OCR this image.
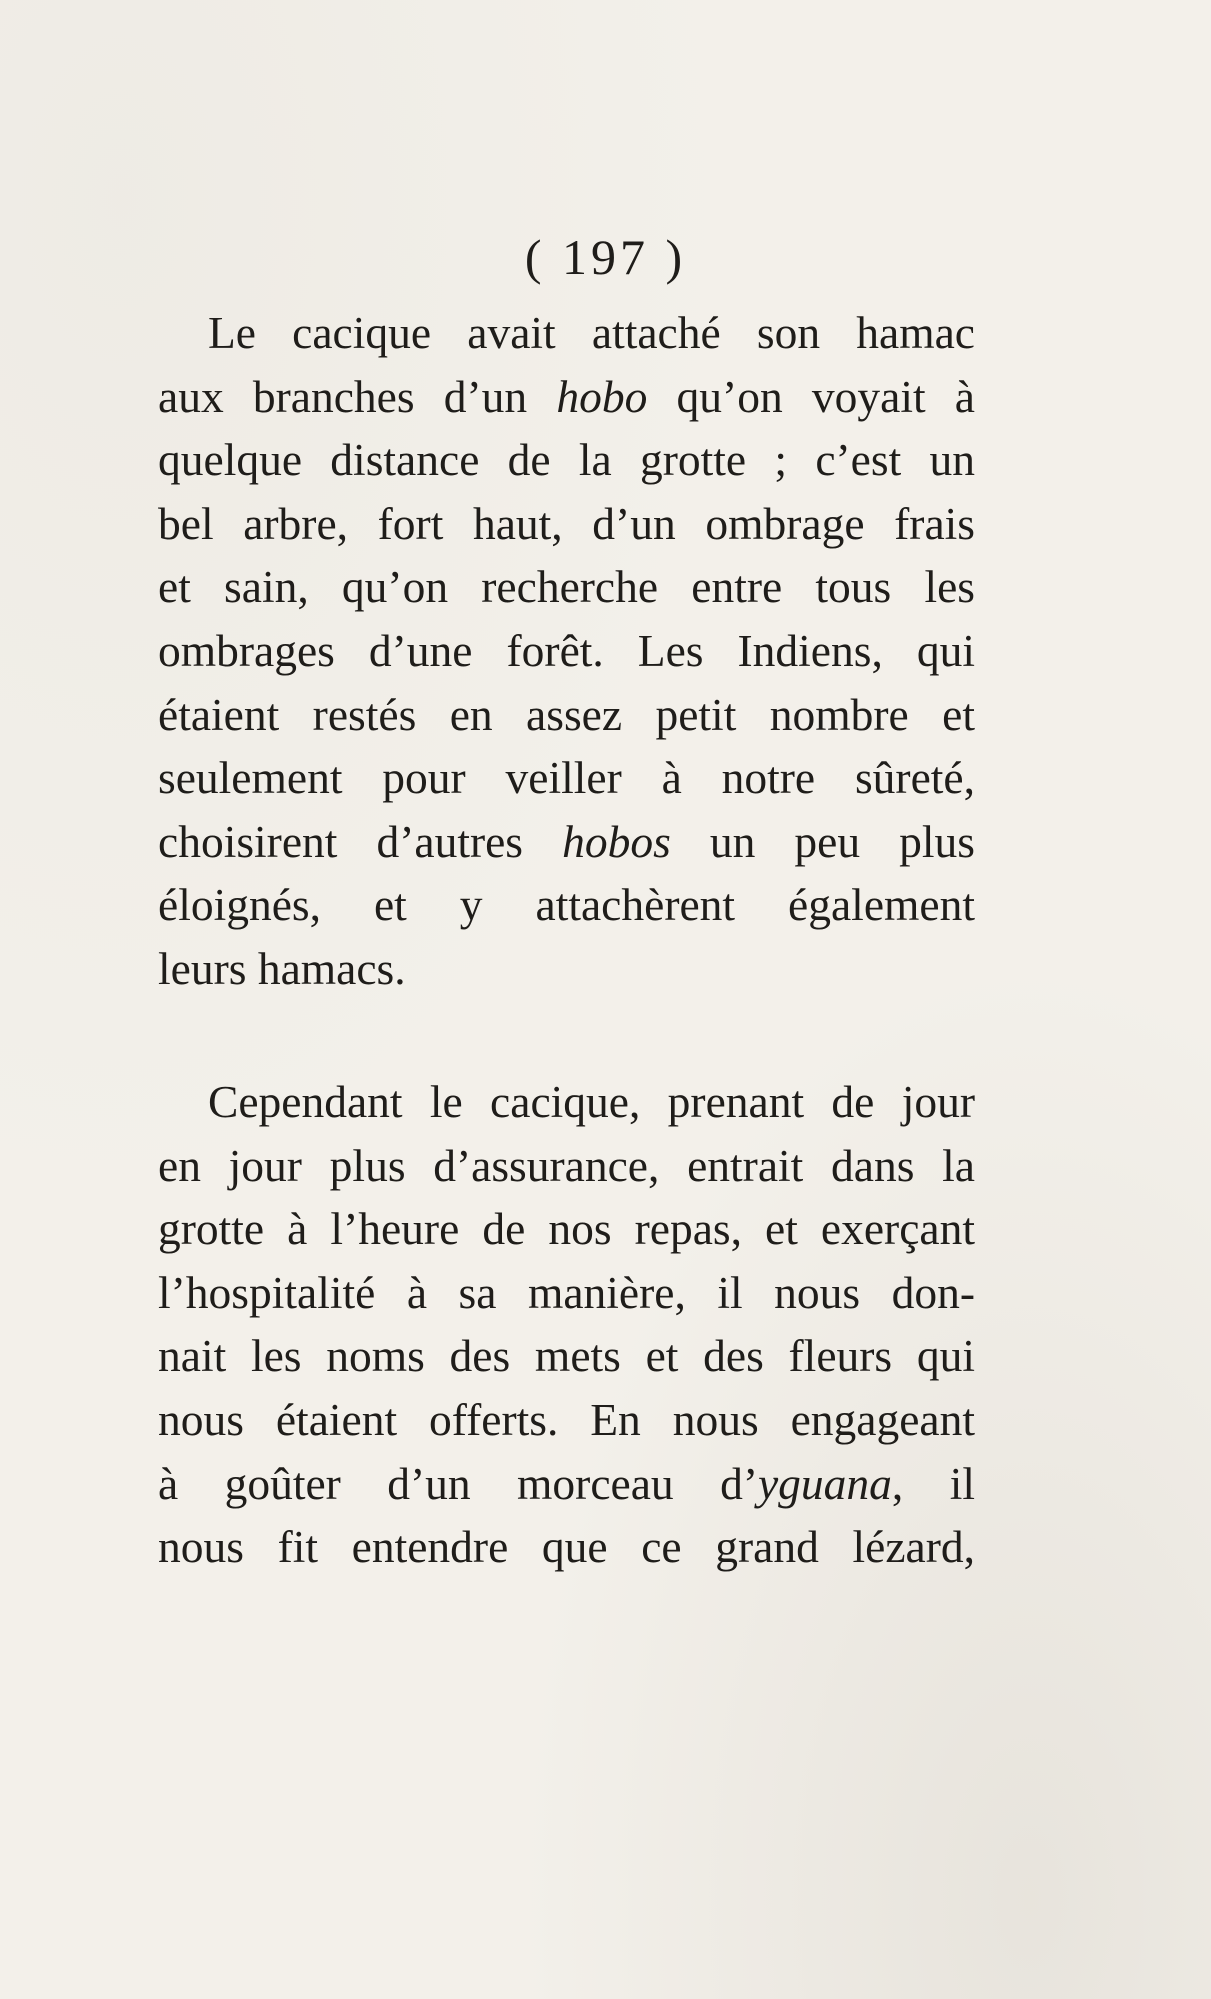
( 197 )
Le cacique avait attaché son hamac
aux branches d’un hobo qu’on voyait à
quelque distance de la grotte ; c’est un
bel arbre, fort haut, d’un ombrage frais
et sain, qu’on recherche entre tous les
ombrages d’une forêt. Les Indiens, qui
étaient restés en assez petit nombre et
seulement pour veiller à notre sûreté,
choisirent d’autres hobos un peu plus
éloignés, et y attachèrent également
leurs hamacs.
Cependant le cacique, prenant de jour
en jour plus d’assurance, entrait dans la
grotte à l’heure de nos repas, et exerçant
l’hospitalité à sa manière, il nous don-
nait les noms des mets et des fleurs qui
nous étaient offerts. En nous engageant
à goûter d’un morceau d’yguana, il
nous fit entendre que ce grand lézard,
